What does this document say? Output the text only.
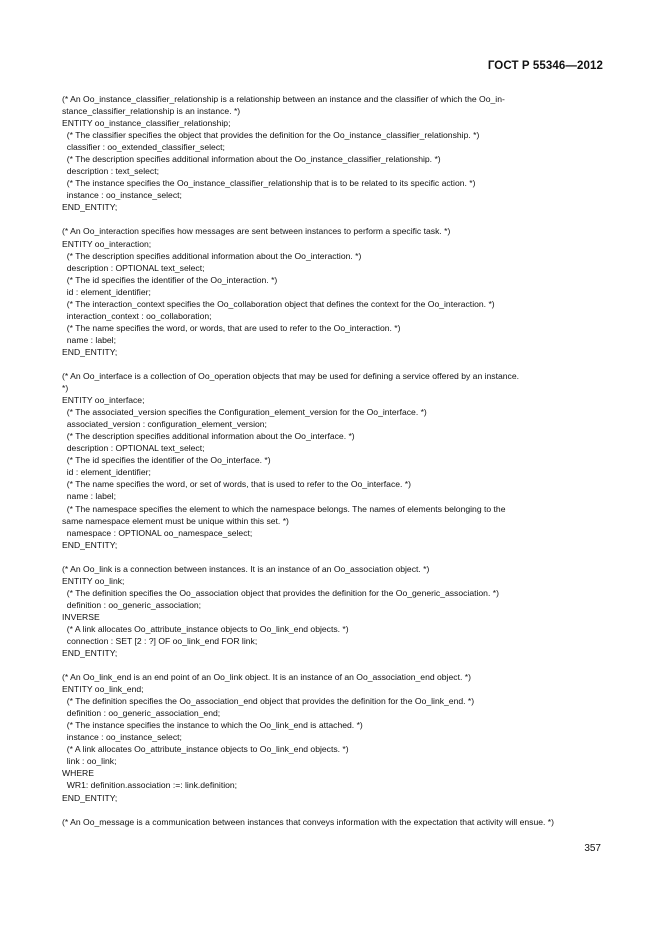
ГОСТ Р 55346—2012
(* An Oo_instance_classifier_relationship is a relationship between an instance and the classifier of which the Oo_in-
stance_classifier_relationship is an instance. *)
ENTITY oo_instance_classifier_relationship;
(* The classifier specifies the object that provides the definition for the Oo_instance_classifier_relationship. *)
classifier : oo_extended_classifier_select;
(* The description specifies additional information about the Oo_instance_classifier_relationship. *)
description : text_select;
(* The instance specifies the Oo_instance_classifier_relationship that is to be related to its specific action. *)
instance : oo_instance_select;
END_ENTITY;
(* An Oo_interaction specifies how messages are sent between instances to perform a specific task. *)
ENTITY oo_interaction;
(* The description specifies additional information about the Oo_interaction. *)
description : OPTIONAL text_select;
(* The id specifies the identifier of the Oo_interaction. *)
id : element_identifier;
(* The interaction_context specifies the Oo_collaboration object that defines the context for the Oo_interaction. *)
interaction_context : oo_collaboration;
(* The name specifies the word, or words, that are used to refer to the Oo_interaction. *)
name : label;
END_ENTITY;
(* An Oo_interface is a collection of Oo_operation objects that may be used for defining a service offered by an instance.
*)
ENTITY oo_interface;
(* The associated_version specifies the Configuration_element_version for the Oo_interface. *)
associated_version : configuration_element_version;
(* The description specifies additional information about the Oo_interface. *)
description : OPTIONAL text_select;
(* The id specifies the identifier of the Oo_interface. *)
id : element_identifier;
(* The name specifies the word, or set of words, that is used to refer to the Oo_interface. *)
name : label;
(* The namespace specifies the element to which the namespace belongs. The names of elements belonging to the
same namespace element must be unique within this set. *)
namespace : OPTIONAL oo_namespace_select;
END_ENTITY;
(* An Oo_link is a connection between instances. It is an instance of an Oo_association object. *)
ENTITY oo_link;
(* The definition specifies the Oo_association object that provides the definition for the Oo_generic_association. *)
definition : oo_generic_association;
INVERSE
(* A link allocates Oo_attribute_instance objects to Oo_link_end objects. *)
connection : SET [2 : ?] OF oo_link_end FOR link;
END_ENTITY;
(* An Oo_link_end is an end point of an Oo_link object. It is an instance of an Oo_association_end object. *)
ENTITY oo_link_end;
(* The definition specifies the Oo_association_end object that provides the definition for the Oo_link_end. *)
definition : oo_generic_association_end;
(* The instance specifies the instance to which the Oo_link_end is attached. *)
instance : oo_instance_select;
(* A link allocates Oo_attribute_instance objects to Oo_link_end objects. *)
link : oo_link;
WHERE
WR1: definition.association :=: link.definition;
END_ENTITY;
(* An Oo_message is a communication between instances that conveys information with the expectation that activity will ensue. *)
357
